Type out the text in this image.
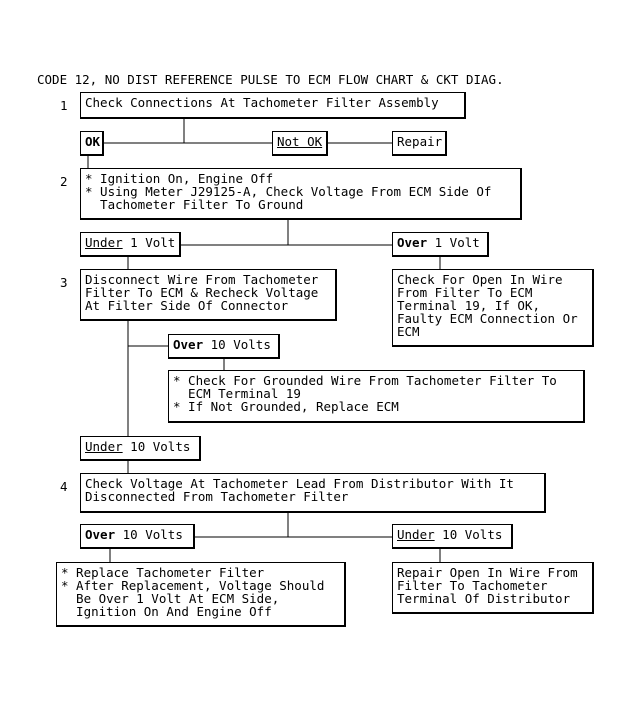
CODE 12, NO DIST REFERENCE PULSE TO ECM FLOW CHART & CKT DIAG.
1	Check Connections At Tachometer Filter Assembly
OK	Not OK	Repair
2	* Ignition On, Engine Off
* Using Meter J29125-A, Check Voltage From ECM Side Of
Tachometer Filter To Ground
Under 1 Volt	Over 1 Volt
3	Disconnect Wire From Tachometer
Filter To ECM & Recheck Voltage
At Filter Side Of Connector
Check For Open In Wire
From Filter To ECM
Terminal 19, If OK,
Faulty ECM Connection Or
ECM
Over 10 Volts
* Check For Grounded Wire From Tachometer Filter To
ECM Terminal 19
* If Not Grounded, Replace ECM
Under 10 Volts
4	Check Voltage At Tachometer Lead From Distributor With It
Disconnected From Tachometer Filter
Over 10 Volts	Under 10 Volts
* Replace Tachometer Filter
* After Replacement, Voltage Should
Be Over 1 Volt At ECM Side,
Ignition On And Engine Off
Repair Open In Wire From
Filter To Tachometer
Terminal Of Distributor
